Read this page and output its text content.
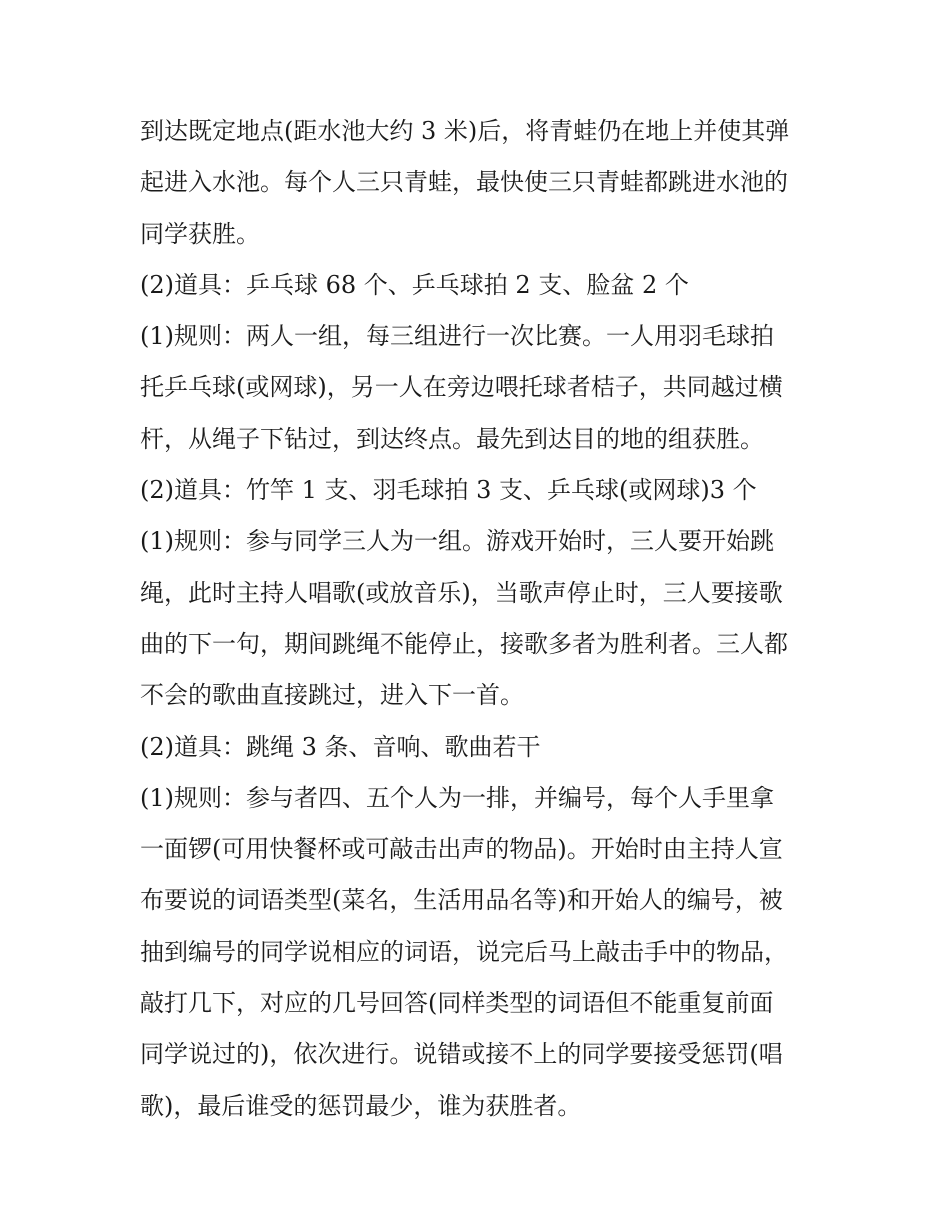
到达既定地点(距水池大约 3 米)后，将青蛙仍在地上并使其弹
起进入水池。每个人三只青蛙，最快使三只青蛙都跳进水池的
同学获胜。
(2)道具：乒乓球 68 个、乒乓球拍 2 支、脸盆 2 个
(1)规则：两人一组，每三组进行一次比赛。一人用羽毛球拍
托乒乓球(或网球)，另一人在旁边喂托球者桔子，共同越过横
杆，从绳子下钻过，到达终点。最先到达目的地的组获胜。
(2)道具：竹竿 1 支、羽毛球拍 3 支、乒乓球(或网球)3 个
(1)规则：参与同学三人为一组。游戏开始时，三人要开始跳
绳，此时主持人唱歌(或放音乐)，当歌声停止时，三人要接歌
曲的下一句，期间跳绳不能停止，接歌多者为胜利者。三人都
不会的歌曲直接跳过，进入下一首。
(2)道具：跳绳 3 条、音响、歌曲若干
(1)规则：参与者四、五个人为一排，并编号，每个人手里拿
一面锣(可用快餐杯或可敲击出声的物品)。开始时由主持人宣
布要说的词语类型(菜名，生活用品名等)和开始人的编号，被
抽到编号的同学说相应的词语，说完后马上敲击手中的物品，
敲打几下，对应的几号回答(同样类型的词语但不能重复前面
同学说过的)，依次进行。说错或接不上的同学要接受惩罚(唱
歌)，最后谁受的惩罚最少，谁为获胜者。
